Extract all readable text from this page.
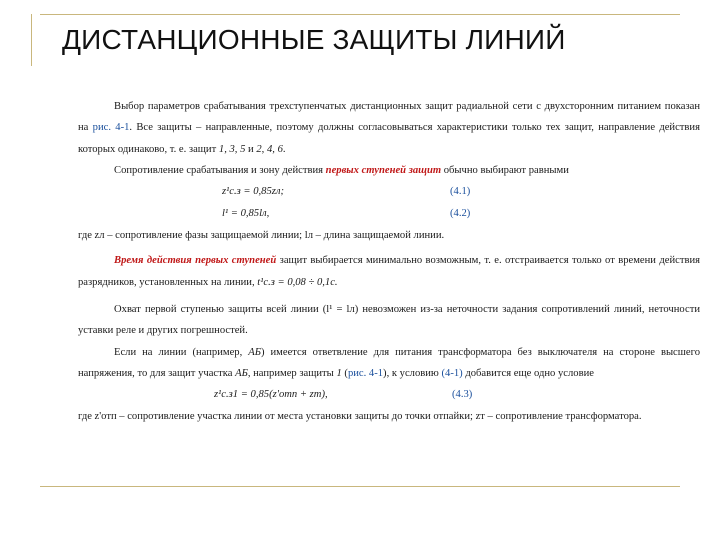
ДИСТАНЦИОННЫЕ ЗАЩИТЫ ЛИНИЙ

Выбор параметров срабатывания трехступенчатых дистанционных защит радиальной сети с двухсторонним питанием показан на рис. 4-1. Все защиты – направленные, поэтому должны согласовываться характеристики только тех защит, направление действия которых одинаково, т. е. защит 1, 3, 5 и 2, 4, 6.

Сопротивление срабатывания и зону действия первых ступеней защит обычно выбирают равными

z¹с.з = 0,85zл;	(4.1)
l¹ = 0,85lл,	(4.2)

где zл – сопротивление фазы защищаемой линии; lл – длина защищаемой линии.

Время действия первых ступеней защит выбирается минимально возможным, т. е. отстраивается только от времени действия разрядников, установленных на линии, t¹с.з = 0,08 ÷ 0,1с.

Охват первой ступенью защиты всей линии (l¹ = lл) невозможен из-за неточности задания сопротивлений линий, неточности уставки реле и других погрешностей.

Если на линии (например, АБ) имеется ответвление для питания трансформатора без выключателя на стороне высшего напряжения, то для защит участка АБ, например защиты 1 (рис. 4-1), к условию (4-1) добавится еще одно условие

z¹с.з1 = 0,85(z'отп + zт),	(4.3)

где z'отп – сопротивление участка линии от места установки защиты до точки отпайки; zт – сопротивление трансформатора.
